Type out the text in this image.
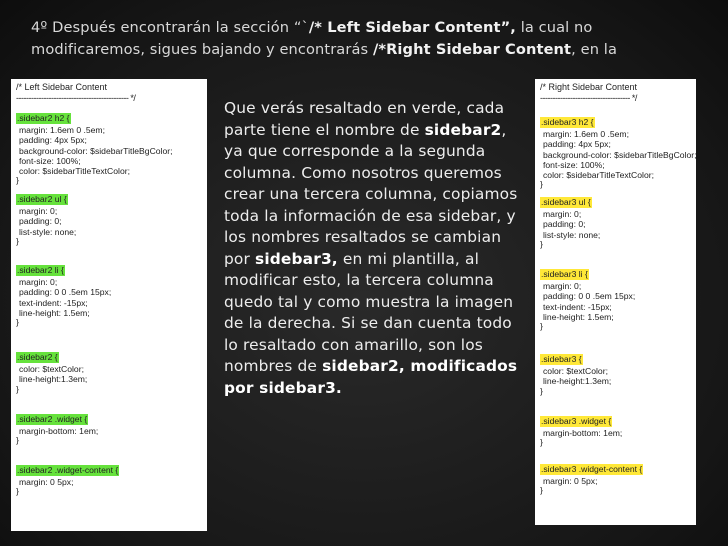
4º Después encontrarán la sección “`/* Left Sidebar Content”, la cual no
modificaremos, sigues bajando y encontrarás /*Right Sidebar Content, en la
/* Left Sidebar Content
--------------------------------------------- */
.sidebar2 h2 {
margin: 1.6em 0 .5em;
padding: 4px 5px;
background-color: $sidebarTitleBgColor;
font-size: 100%;
color: $sidebarTitleTextColor;
}
.sidebar2 ul {
margin: 0;
padding: 0;
list-style: none;
}
.sidebar2 li {
margin: 0;
padding: 0 0 .5em 15px;
text-indent: -15px;
line-height: 1.5em;
}
.sidebar2 {
color: $textColor;
line-height:1.3em;
}
.sidebar2 .widget {
margin-bottom: 1em;
}
.sidebar2 .widget-content {
margin: 0 5px;
}
Que verás resaltado en verde, cada parte tiene el nombre de sidebar2, ya que corresponde a la segunda columna. Como nosotros queremos crear una tercera columna, copiamos toda la información de esa sidebar, y los nombres resaltados se cambian por sidebar3, en mi plantilla, al modificar esto, la tercera columna quedo tal y como muestra la imagen de la derecha. Si se dan cuenta todo lo resaltado con amarillo, son los nombres de sidebar2, modificados por sidebar3.
/* Right Sidebar Content
------------------------------------ */
.sidebar3 h2 {
margin: 1.6em 0 .5em;
padding: 4px 5px;
background-color: $sidebarTitleBgColor;
font-size: 100%;
color: $sidebarTitleTextColor;
}
.sidebar3 ul {
margin: 0;
padding: 0;
list-style: none;
}
.sidebar3 li {
margin: 0;
padding: 0 0 .5em 15px;
text-indent: -15px;
line-height: 1.5em;
}
.sidebar3 {
color: $textColor;
line-height:1.3em;
}
.sidebar3 .widget {
margin-bottom: 1em;
}
.sidebar3 .widget-content {
margin: 0 5px;
}
